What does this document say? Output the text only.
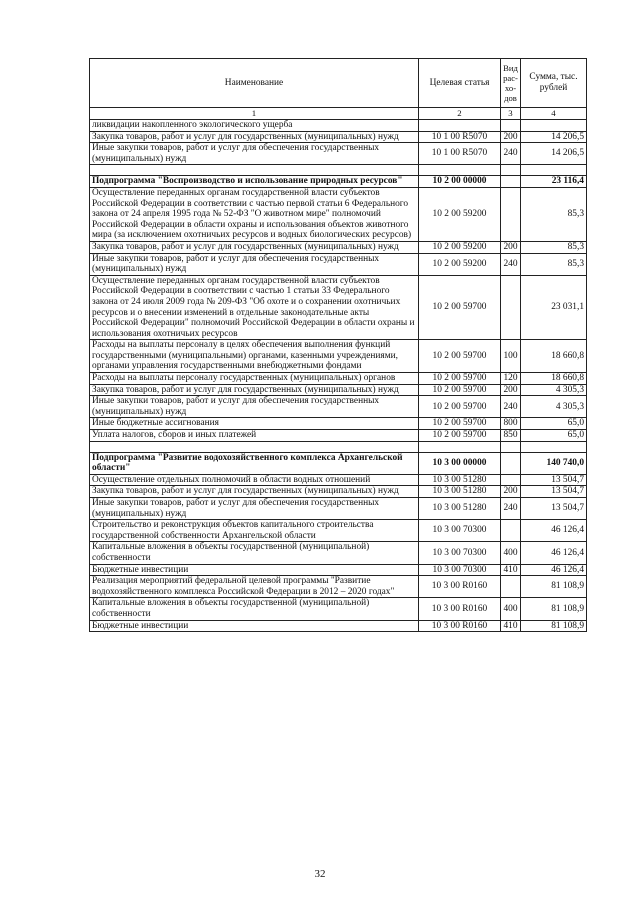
Наименование	Целевая статья	Вид рас-хо-дов	Сумма, тыс. рублей
1	2	3	4
ликвидации накопленного экологического ущерба			
Закупка товаров, работ и услуг для государственных (муниципальных) нужд	10 1 00 R5070	200	14 206,5
Иные закупки товаров, работ и услуг для обеспечения государственных (муниципальных) нужд	10 1 00 R5070	240	14 206,5

Подпрограмма "Воспроизводство и использование природных ресурсов"	10 2 00 00000		23 116,4
Осуществление переданных органам государственной власти субъектов Российской Федерации в соответствии с частью первой статьи 6 Федерального закона от 24 апреля 1995 года № 52-ФЗ "О животном мире" полномочий Российской Федерации в области охраны и использования объектов животного мира (за исключением охотничьих ресурсов и водных биологических ресурсов)	10 2 00 59200		85,3
Закупка товаров, работ и услуг для государственных (муниципальных) нужд	10 2 00 59200	200	85,3
Иные закупки товаров, работ и услуг для обеспечения государственных (муниципальных) нужд	10 2 00 59200	240	85,3
Осуществление переданных органам государственной власти субъектов Российской Федерации в соответствии с частью 1 статьи 33 Федерального закона от 24 июля 2009 года № 209-ФЗ "Об охоте и о сохранении охотничьих ресурсов и о внесении изменений в отдельные законодательные акты Российской Федерации" полномочий Российской Федерации в области охраны и использования охотничьих ресурсов	10 2 00 59700		23 031,1
Расходы на выплаты персоналу в целях обеспечения выполнения функций государственными (муниципальными) органами, казенными учреждениями, органами управления государственными внебюджетными фондами	10 2 00 59700	100	18 660,8
Расходы на выплаты персоналу государственных (муниципальных) органов	10 2 00 59700	120	18 660,8
Закупка товаров, работ и услуг для государственных (муниципальных) нужд	10 2 00 59700	200	4 305,3
Иные закупки товаров, работ и услуг для обеспечения государственных (муниципальных) нужд	10 2 00 59700	240	4 305,3
Иные бюджетные ассигнования	10 2 00 59700	800	65,0
Уплата налогов, сборов и иных платежей	10 2 00 59700	850	65,0

Подпрограмма "Развитие водохозяйственного комплекса Архангельской области"	10 3 00 00000		140 740,0
Осуществление отдельных полномочий в области водных отношений	10 3 00 51280		13 504,7
Закупка товаров, работ и услуг для государственных (муниципальных) нужд	10 3 00 51280	200	13 504,7
Иные закупки товаров, работ и услуг для обеспечения государственных (муниципальных) нужд	10 3 00 51280	240	13 504,7
Строительство и реконструкция объектов капитального строительства государственной собственности Архангельской области	10 3 00 70300		46 126,4
Капитальные вложения в объекты государственной (муниципальной) собственности	10 3 00 70300	400	46 126,4
Бюджетные инвестиции	10 3 00 70300	410	46 126,4
Реализация мероприятий федеральной целевой программы "Развитие водохозяйственного комплекса Российской Федерации в 2012 – 2020 годах"	10 3 00 R0160		81 108,9
Капитальные вложения в объекты государственной (муниципальной) собственности	10 3 00 R0160	400	81 108,9
Бюджетные инвестиции	10 3 00 R0160	410	81 108,9
32
